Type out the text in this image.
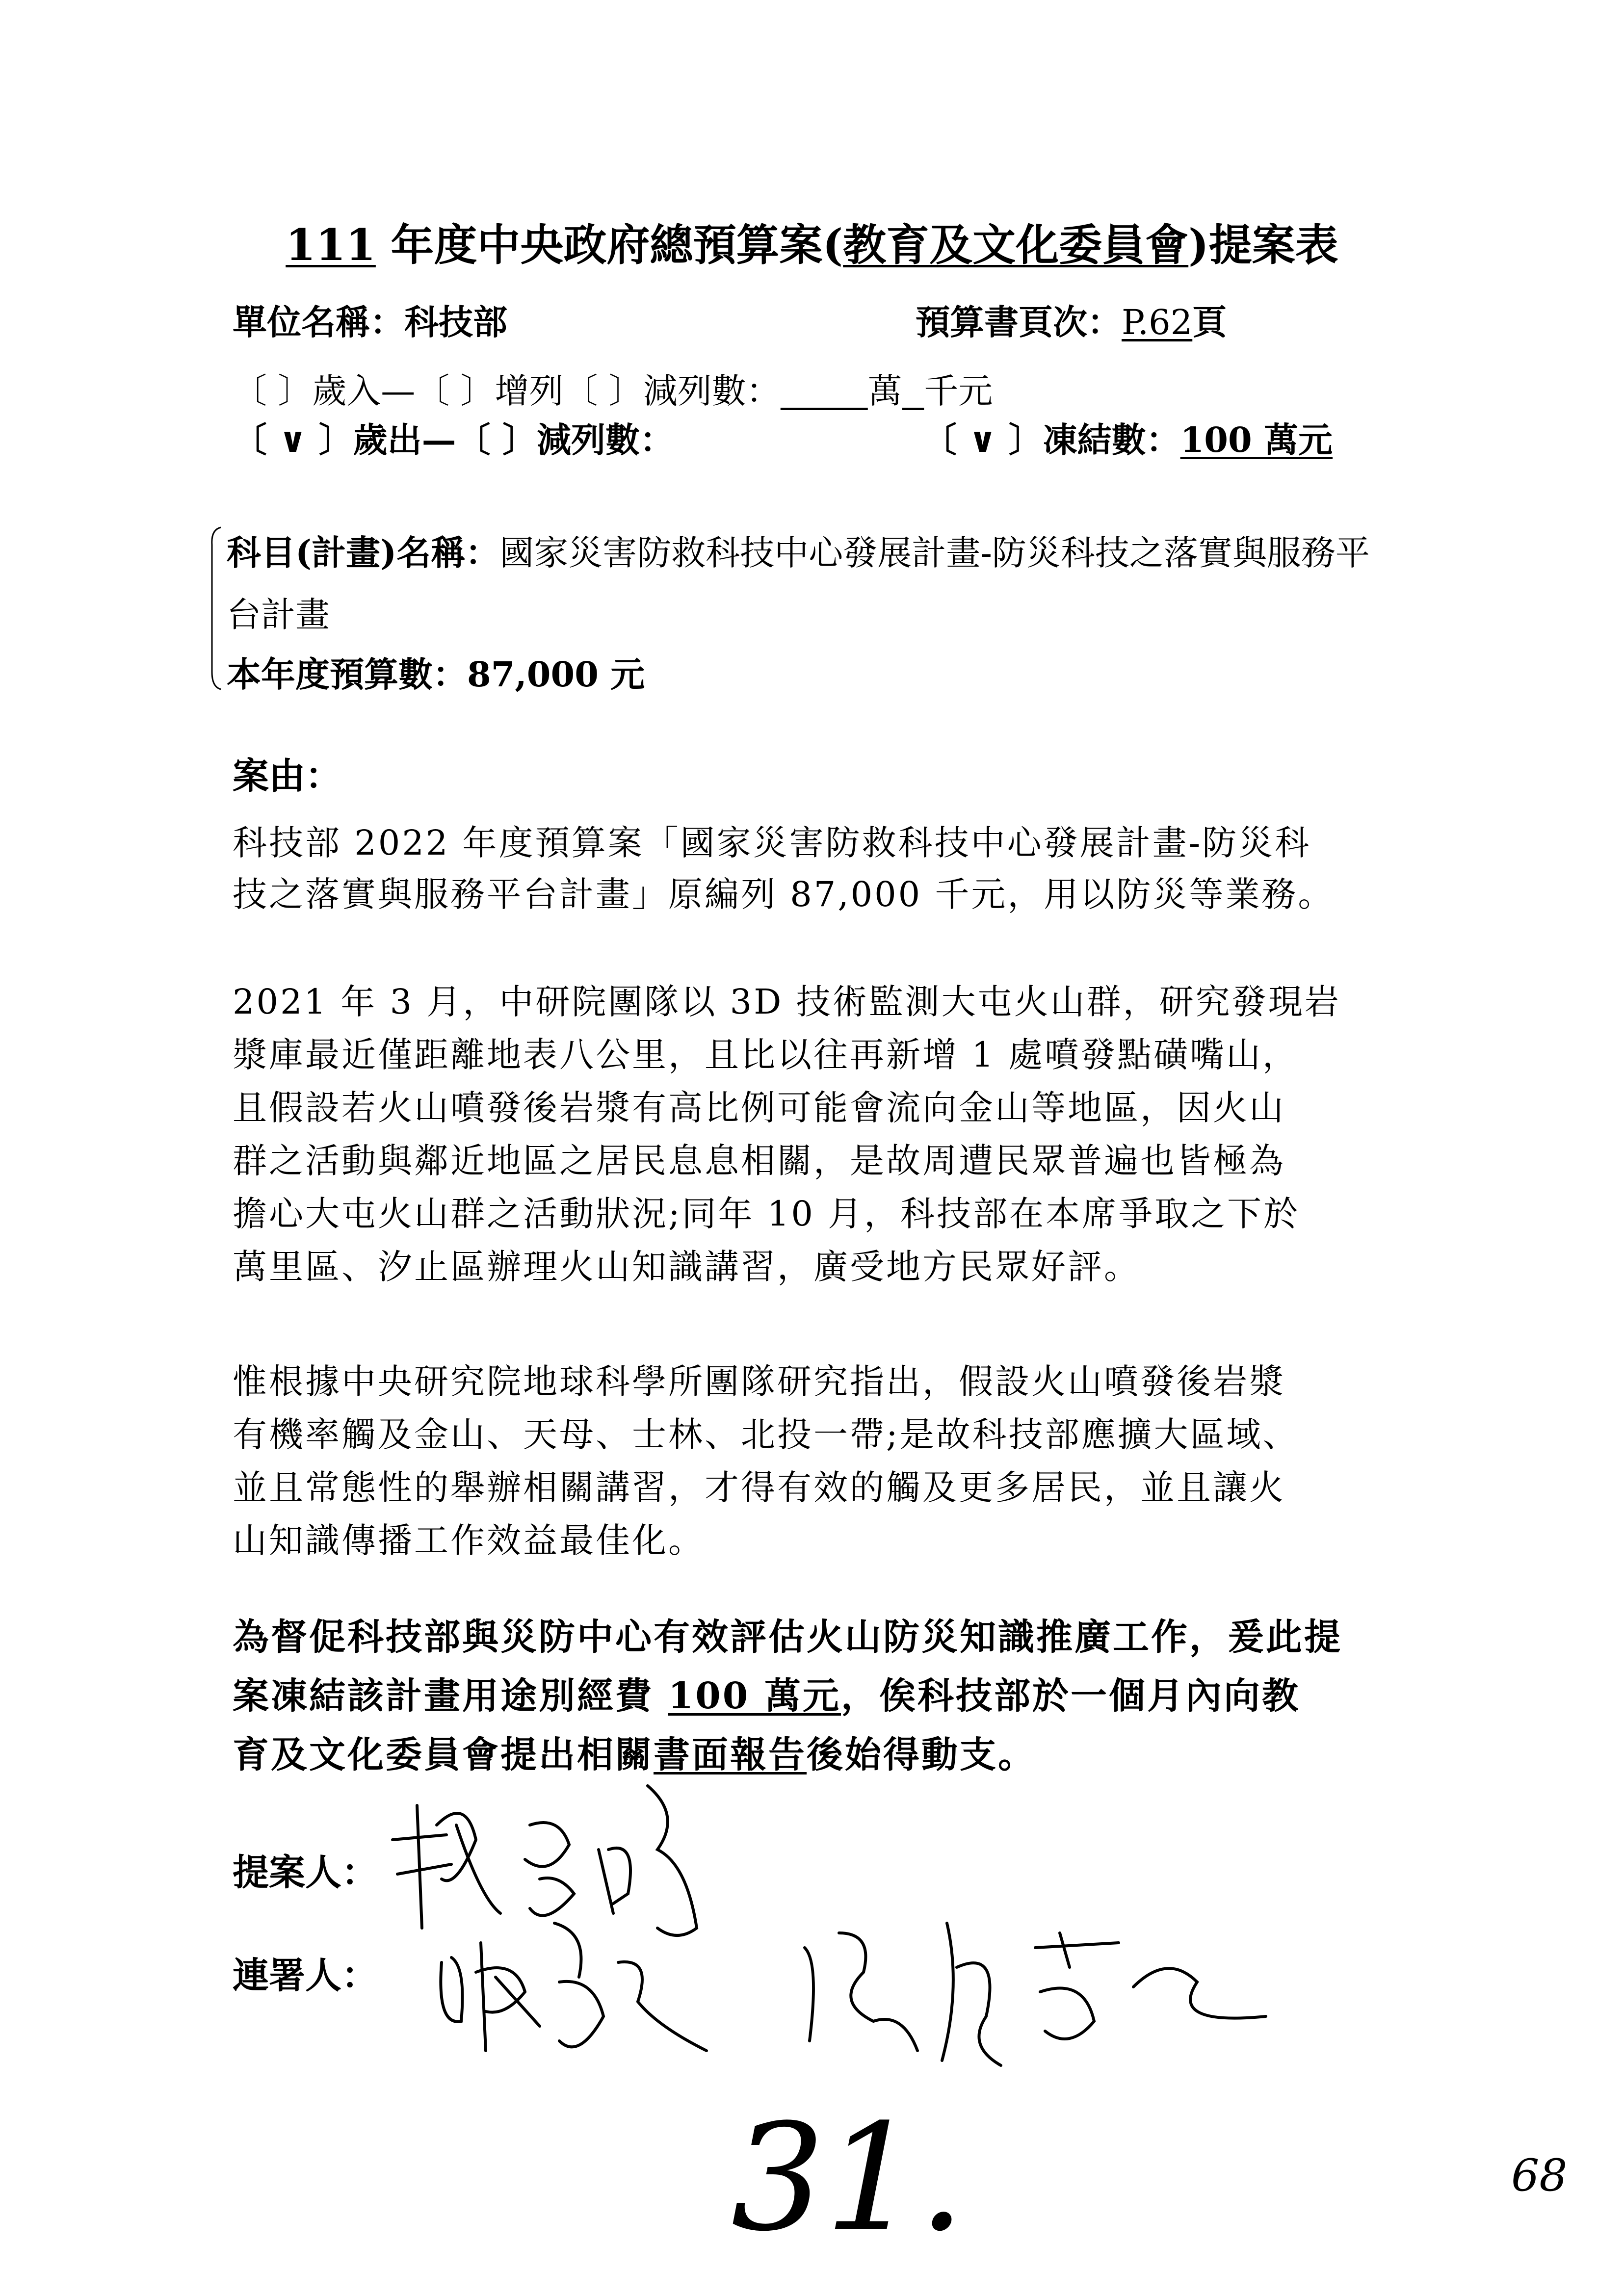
111 年度中央政府總預算案(教育及文化委員會)提案表
單位名稱：科技部	預算書頁次：P.62頁
〔 〕歲入—〔 〕增列〔 〕減列數：	萬 千元
〔 ∨ 〕歲出—〔 〕減列數：	〔 ∨ 〕凍結數：100 萬元
科目(計畫)名稱：國家災害防救科技中心發展計畫-防災科技之落實與服務平
台計畫
本年度預算數：87,000 元
案由：
科技部 2022 年度預算案「國家災害防救科技中心發展計畫-防災科
技之落實與服務平台計畫」原編列 87,000 千元，用以防災等業務。
2021 年 3 月，中研院團隊以 3D 技術監測大屯火山群，研究發現岩
漿庫最近僅距離地表八公里，且比以往再新增 1 處噴發點磺嘴山，
且假設若火山噴發後岩漿有高比例可能會流向金山等地區，因火山
群之活動與鄰近地區之居民息息相關，是故周遭民眾普遍也皆極為
擔心大屯火山群之活動狀況;同年 10 月，科技部在本席爭取之下於
萬里區、汐止區辦理火山知識講習，廣受地方民眾好評。
惟根據中央研究院地球科學所團隊研究指出，假設火山噴發後岩漿
有機率觸及金山、天母、士林、北投一帶;是故科技部應擴大區域、
並且常態性的舉辦相關講習，才得有效的觸及更多居民，並且讓火
山知識傳播工作效益最佳化。
為督促科技部與災防中心有效評估火山防災知識推廣工作，爰此提
案凍結該計畫用途別經費 100 萬元，俟科技部於一個月內向教
育及文化委員會提出相關書面報告後始得動支。
提案人：
連署人：
31.	68
